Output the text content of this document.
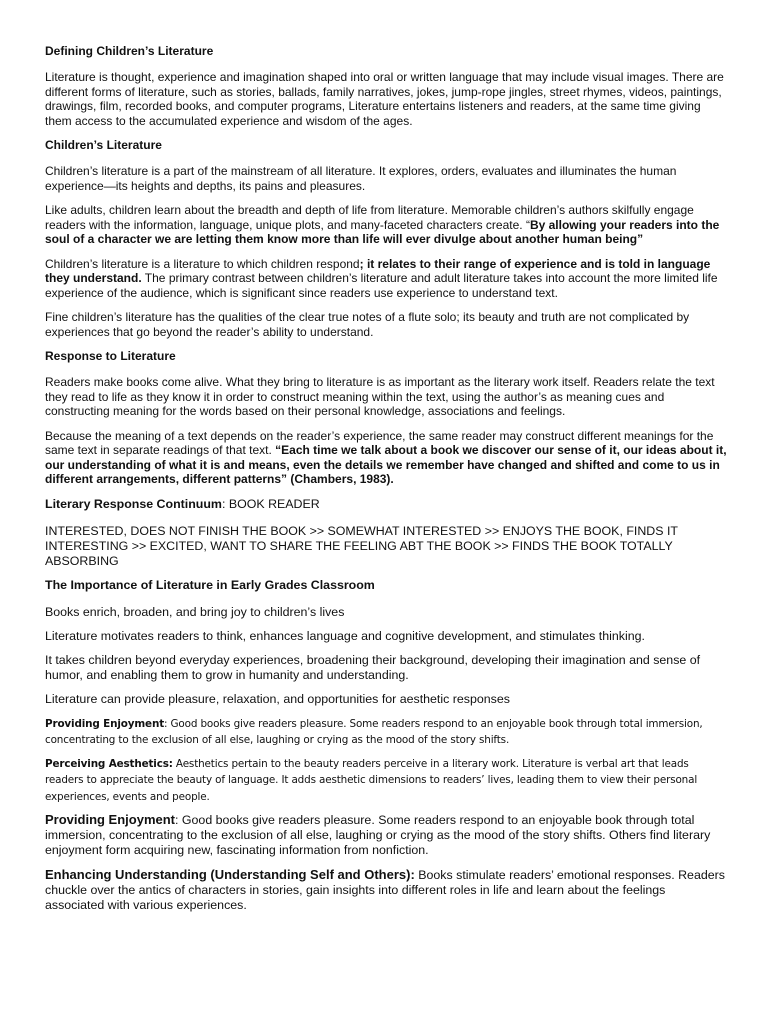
Defining Children’s Literature
Literature is thought, experience and imagination shaped into oral or written language that may include visual images. There are different forms of literature, such as stories, ballads, family narratives, jokes, jump-rope jingles, street rhymes, videos, paintings, drawings, film, recorded books, and computer programs, Literature entertains listeners and readers, at the same time giving them access to the accumulated experience and wisdom of the ages.
Children’s Literature
Children’s literature is a part of the mainstream of all literature. It explores, orders, evaluates and illuminates the human experience—its heights and depths, its pains and pleasures.
Like adults, children learn about the breadth and depth of life from literature. Memorable children’s authors skilfully engage readers with the information, language, unique plots, and many-faceted characters create. “By allowing your readers into the soul of a character we are letting them know more than life will ever divulge about another human being”
Children’s literature is a literature to which children respond; it relates to their range of experience and is told in language they understand. The primary contrast between children’s literature and adult literature takes into account the more limited life experience of the audience, which is significant since readers use experience to understand text.
Fine children’s literature has the qualities of the clear true notes of a flute solo; its beauty and truth are not complicated by experiences that go beyond the reader’s ability to understand.
Response to Literature
Readers make books come alive. What they bring to literature is as important as the literary work itself. Readers relate the text they read to life as they know it in order to construct meaning within the text, using the author’s as meaning cues and constructing meaning for the words based on their personal knowledge, associations and feelings.
Because the meaning of a text depends on the reader’s experience, the same reader may construct different meanings for the same text in separate readings of that text. “Each time we talk about a book we discover our sense of it, our ideas about it, our understanding of what it is and means, even the details we remember have changed and shifted and come to us in different arrangements, different patterns” (Chambers, 1983).
Literary Response Continuum: BOOK READER
INTERESTED, DOES NOT FINISH THE BOOK >> SOMEWHAT INTERESTED >> ENJOYS THE BOOK, FINDS IT INTERESTING >> EXCITED, WANT TO SHARE THE FEELING ABT THE BOOK >> FINDS THE BOOK TOTALLY ABSORBING
The Importance of Literature in Early Grades Classroom
Books enrich, broaden, and bring joy to children’s lives
Literature motivates readers to think, enhances language and cognitive development, and stimulates thinking.
It takes children beyond everyday experiences, broadening their background, developing their imagination and sense of humor, and enabling them to grow in humanity and understanding.
Literature can provide pleasure, relaxation, and opportunities for aesthetic responses
Providing Enjoyment: Good books give readers pleasure. Some readers respond to an enjoyable book through total immersion, concentrating to the exclusion of all else, laughing or crying as the mood of the story shifts.
Perceiving Aesthetics: Aesthetics pertain to the beauty readers perceive in a literary work. Literature is verbal art that leads readers to appreciate the beauty of language. It adds aesthetic dimensions to readers’ lives, leading them to view their personal experiences, events and people.
Providing Enjoyment: Good books give readers pleasure. Some readers respond to an enjoyable book through total immersion, concentrating to the exclusion of all else, laughing or crying as the mood of the story shifts. Others find literary enjoyment form acquiring new, fascinating information from nonfiction.
Enhancing Understanding (Understanding Self and Others): Books stimulate readers’ emotional responses. Readers chuckle over the antics of characters in stories, gain insights into different roles in life and learn about the feelings associated with various experiences.
